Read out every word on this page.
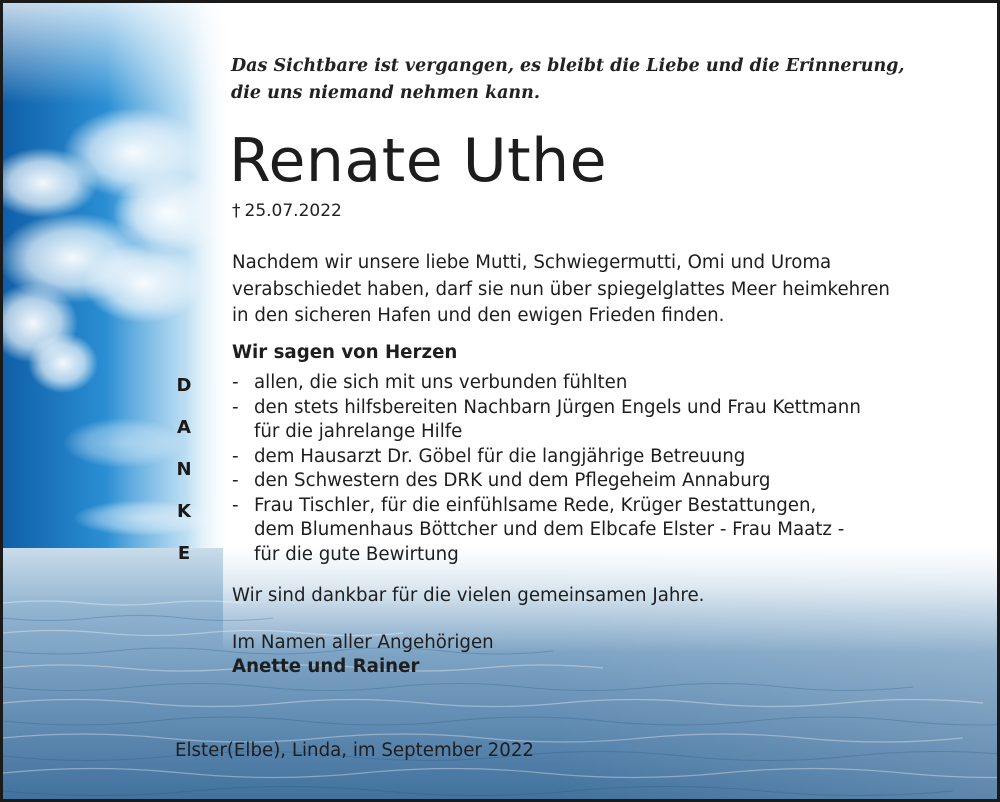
Das Sichtbare ist vergangen, es bleibt die Liebe und die Erinnerung,
die uns niemand nehmen kann.
Renate Uthe
† 25.07.2022
Nachdem wir unsere liebe Mutti, Schwiegermutti, Omi und Uroma
verabschiedet haben, darf sie nun über spiegelglattes Meer heimkehren
in den sicheren Hafen und den ewigen Frieden finden.
Wir sagen von Herzen
D
A
N
K
E
- allen, die sich mit uns verbunden fühlten
- den stets hilfsbereiten Nachbarn Jürgen Engels und Frau Kettmann
für die jahrelange Hilfe
- dem Hausarzt Dr. Göbel für die langjährige Betreuung
- den Schwestern des DRK und dem Pflegeheim Annaburg
- Frau Tischler, für die einfühlsame Rede, Krüger Bestattungen,
dem Blumenhaus Böttcher und dem Elbcafe Elster - Frau Maatz -
für die gute Bewirtung
Wir sind dankbar für die vielen gemeinsamen Jahre.
Im Namen aller Angehörigen
Anette und Rainer
Elster(Elbe), Linda, im September 2022
